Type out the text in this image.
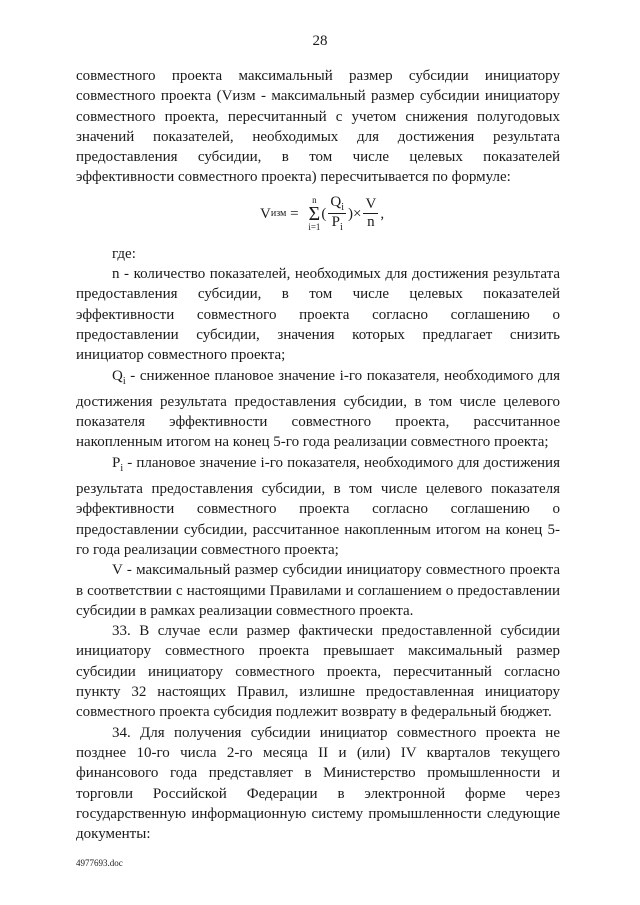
28

совместного проекта максимальный размер субсидии инициатору совместного проекта (Vизм - максимальный размер субсидии инициатору совместного проекта, пересчитанный с учетом снижения полугодовых значений показателей, необходимых для достижения результата предоставления субсидии, в том числе целевых показателей эффективности совместного проекта) пересчитывается по формуле:

V изм =
n
Σ
i=1
( $\frac{Q_i}{P_i}$ )× $\frac{V}{n}$ ,

где:

n - количество показателей, необходимых для достижения результата предоставления субсидии, в том числе целевых показателей эффективности совместного проекта согласно соглашению о предоставлении субсидии, значения которых предлагает снизить инициатор совместного проекта;

$Q_i$ - сниженное плановое значение i-го показателя, необходимого для достижения результата предоставления субсидии, в том числе целевого показателя эффективности совместного проекта, рассчитанное накопленным итогом на конец 5-го года реализации совместного проекта;

$P_i$ - плановое значение i-го показателя, необходимого для достижения результата предоставления субсидии, в том числе целевого показателя эффективности совместного проекта согласно соглашению о предоставлении субсидии, рассчитанное накопленным итогом на конец 5-го года реализации совместного проекта;

V - максимальный размер субсидии инициатору совместного проекта в соответствии с настоящими Правилами и соглашением о предоставлении субсидии в рамках реализации совместного проекта.

33. В случае если размер фактически предоставленной субсидии инициатору совместного проекта превышает максимальный размер субсидии инициатору совместного проекта, пересчитанный согласно пункту 32 настоящих Правил, излишне предоставленная инициатору совместного проекта субсидия подлежит возврату в федеральный бюджет.

34. Для получения субсидии инициатор совместного проекта не позднее 10-го числа 2-го месяца II и (или) IV кварталов текущего финансового года представляет в Министерство промышленности и торговли Российской Федерации в электронной форме через государственную информационную систему промышленности следующие документы:

4977693.doc
